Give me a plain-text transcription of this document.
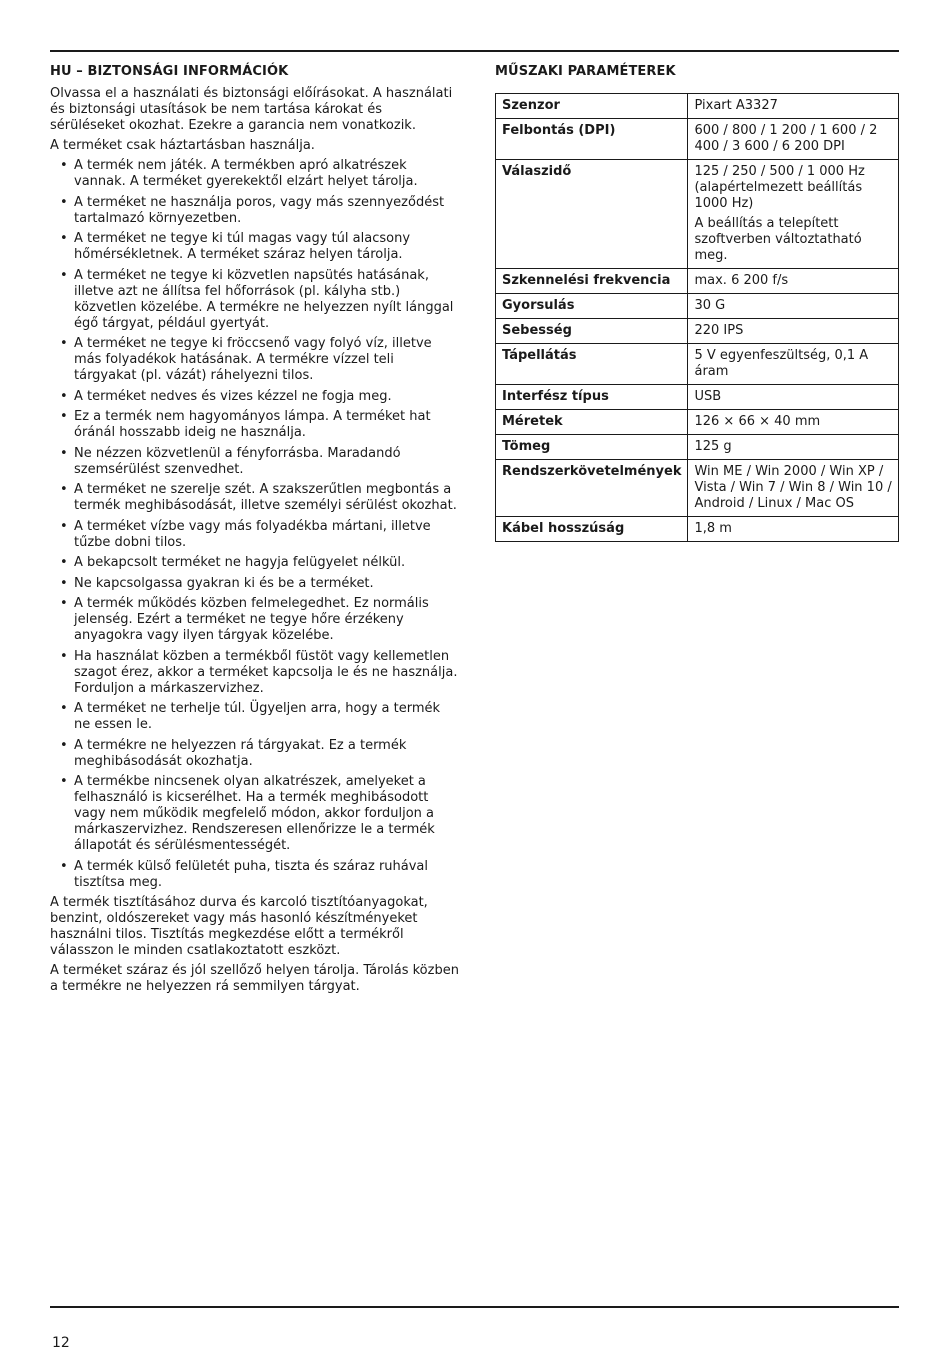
HU – BIZTONSÁGI INFORMÁCIÓK

Olvassa el a használati és biztonsági előírásokat. A használati és biztonsági utasítások be nem tartása károkat és sérüléseket okozhat. Ezekre a garancia nem vonatkozik.

A terméket csak háztartásban használja.

• A termék nem játék. A termékben apró alkatrészek vannak. A terméket gyerekektől elzárt helyet tárolja.
• A terméket ne használja poros, vagy más szennyeződést tartalmazó környezetben.
• A terméket ne tegye ki túl magas vagy túl alacsony hőmérsékletnek. A terméket száraz helyen tárolja.
• A terméket ne tegye ki közvetlen napsütés hatásának, illetve azt ne állítsa fel hőforrások (pl. kályha stb.) közvetlen közelébe. A termékre ne helyezzen nyílt lánggal égő tárgyat, például gyertyát.
• A terméket ne tegye ki fröccsenő vagy folyó víz, illetve más folyadékok hatásának. A termékre vízzel teli tárgyakat (pl. vázát) ráhelyezni tilos.
• A terméket nedves és vizes kézzel ne fogja meg.
• Ez a termék nem hagyományos lámpa. A terméket hat óránál hosszabb ideig ne használja.
• Ne nézzen közvetlenül a fényforrásba. Maradandó szemsérülést szenvedhet.
• A terméket ne szerelje szét. A szakszerűtlen megbontás a termék meghibásodását, illetve személyi sérülést okozhat.
• A terméket vízbe vagy más folyadékba mártani, illetve tűzbe dobni tilos.
• A bekapcsolt terméket ne hagyja felügyelet nélkül.
• Ne kapcsolgassa gyakran ki és be a terméket.
• A termék működés közben felmelegedhet. Ez normális jelenség. Ezért a terméket ne tegye hőre érzékeny anyagokra vagy ilyen tárgyak közelébe.
• Ha használat közben a termékből füstöt vagy kellemetlen szagot érez, akkor a terméket kapcsolja le és ne használja. Forduljon a márkaszervizhez.
• A terméket ne terhelje túl. Ügyeljen arra, hogy a termék ne essen le.
• A termékre ne helyezzen rá tárgyakat. Ez a termék meghibásodását okozhatja.
• A termékbe nincsenek olyan alkatrészek, amelyeket a felhasználó is kicserélhet. Ha a termék meghibásodott vagy nem működik megfelelő módon, akkor forduljon a márkaszervizhez. Rendszeresen ellenőrizze le a termék állapotát és sérülésmentességét.
• A termék külső felületét puha, tiszta és száraz ruhával tisztítsa meg.

A termék tisztításához durva és karcoló tisztítóanyagokat, benzint, oldószereket vagy más hasonló készítményeket használni tilos. Tisztítás megkezdése előtt a termékről válasszon le minden csatlakoztatott eszközt.

A terméket száraz és jól szellőző helyen tárolja. Tárolás közben a termékre ne helyezzen rá semmilyen tárgyat.

MŰSZAKI PARAMÉTEREK
Szenzor	Pixart A3327
Felbontás (DPI)	600 / 800 / 1 200 / 1 600 / 2 400 / 3 600 / 6 200 DPI
Válaszidő	125 / 250 / 500 / 1 000 Hz (alapértelmezett beállítás 1000 Hz)
A beállítás a telepített szoftverben változtatható meg.

Szkennelési frekvencia	max. 6 200 f/s
Gyorsulás	30 G
Sebesség	220 IPS
Tápellátás	5 V egyenfeszültség, 0,1 A áram
Interfész típus	USB
Méretek	126 × 66 × 40 mm
Tömeg	125 g
Rendszerkövetelmények	Win ME / Win 2000 / Win XP / Vista / Win 7 / Win 8 / Win 10 / Android / Linux / Mac OS
Kábel hosszúság	1,8 m
12
